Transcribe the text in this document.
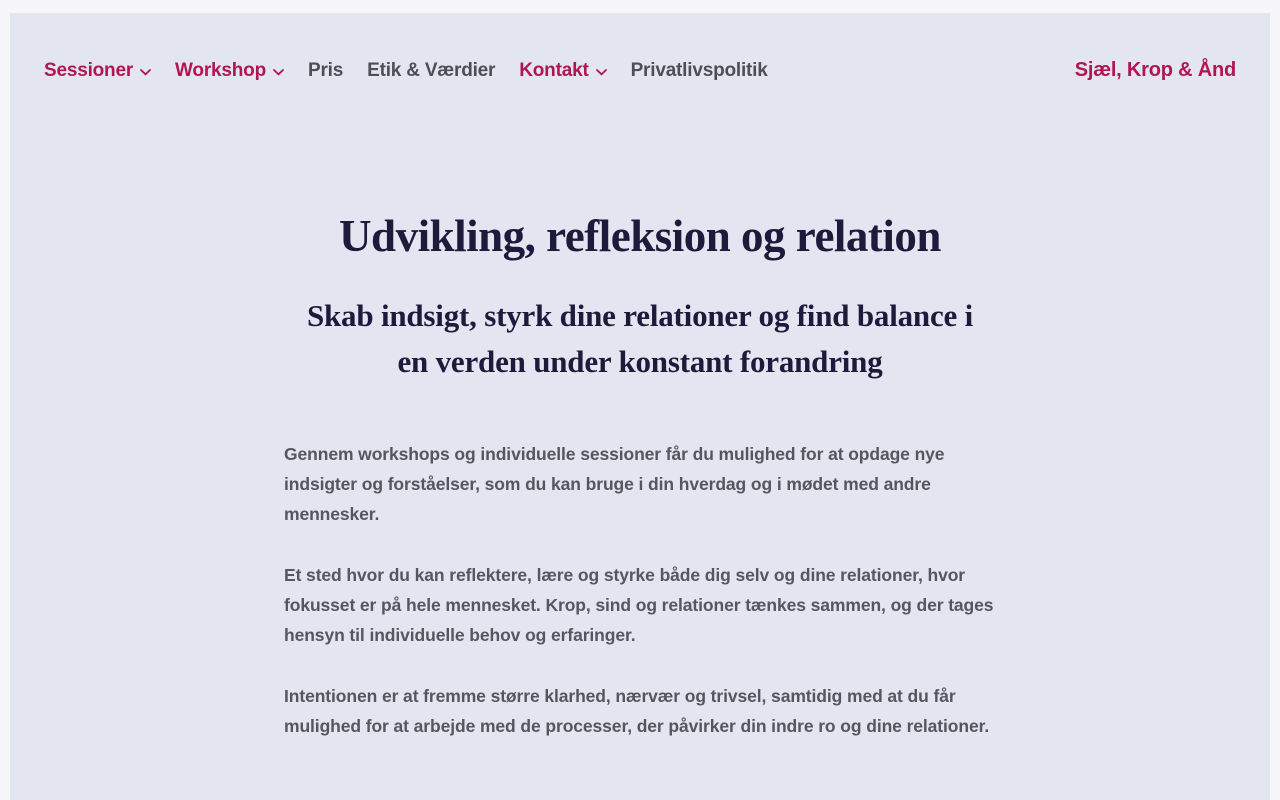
Sessioner Workshop Pris Etik & Værdier Kontakt Privatlivspolitik	Sjæl, Krop & Ånd
Udvikling, refleksion og relation
Skab indsigt, styrk dine relationer og find balance i en verden under konstant forandring

Gennem workshops og individuelle sessioner får du mulighed for at opdage nye indsigter og forståelser, som du kan bruge i din hverdag og i mødet med andre mennesker.

Et sted hvor du kan reflektere, lære og styrke både dig selv og dine relationer, hvor fokusset er på hele mennesket. Krop, sind og relationer tænkes sammen, og der tages hensyn til individuelle behov og erfaringer.

Intentionen er at fremme større klarhed, nærvær og trivsel, samtidig med at du får mulighed for at arbejde med de processer, der påvirker din indre ro og dine relationer.
